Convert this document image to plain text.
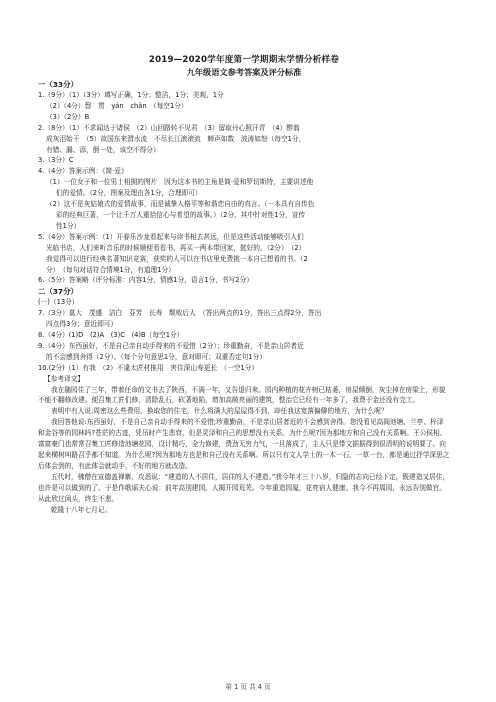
2019—2020学年度第一学期期末学情分析样卷
九年级语文参考答案及评分标准
一（33分）
1.（9分）（1）（3分）填写正确，1分；整洁，1分；美观，1分
（2）（4分）磬　贯　yán　chǎn　（每空1分）
（3）（2分）B
2.（8分）（1）不求闻达于诸侯　（2）山回路转不见君　（3）留取丹心照汗青　（4）醉翁
成灰泪始干　（5）故国东来渭水流　不尽长江滚滚流　蝉声如数　波涛如怒（每空1分，
有错、漏、添，倒一处，该空不得分）
3.（3分）C
4.（4分）答案示例：《简·爱》
（1）一位女子和一位男士相拥的图片　因为这本书的主角是简·爱和罗切斯特，主要讲述他
们的爱情。（2分，图案及理由各1分，合理即可）
（2）这不是灰姑娘式的爱情故事，而是诚挚人格平等和谐恋自由的真言。（一本具有自传色
彩的经典巨著，一个让千万人重拾信心与希望的故事。）（2分，其中针对性1分，宣传
性1分）
5.（4分）答案示例：（1）开春乐沙龙看起来与读书相去甚远，但是这些活动能够吸引人们
光临书店，人们来听音乐的时候顺便看看书，再买一两本带回家，挺好的。（2分）　（2）
我觉得可以进行经典名著知识竞赛，获奖的人可以在书店里免费挑一本自己想看的书。（2
分）　（每句对话符合情境1分，有道理1分）
6.（5分）答案略（评分标准：内容1分，情感1分，语言1分，书写2分）
二（37分）
(一)（13分）
7.（3分）莫大　茂盛　洁白　芬芳　长寿　颓败后人　（答出两点的1分，答出三点得2分，答出
四点得3分；意近即可）
8.（4分）(1)D　(2)A　(3)C　(4)B（每空1分）
9.（4分）东西虽好，不是自己亲自动手得来的不爱惜（2分）；珍重勤奋，不是亲山居者近
的不会感到舍得（2分）。（每个分句意思1分，意对即可；双重否定句1分）
10.(2分)（1）有我　（2）不違太匠材推用　害住深山寿更长　（一空1分）
【参考译文】
我在随园住了三年，带着任命的文书去了陕西，不满一年，又告退归来。园内种植的花卉树已枯萎，房屋倾倒，灰尘掉在房梁上，形貌不能不翻修改建。便召集工匠们修，清除乱石，砍著地陷，增加高敞亮丽的建筑，整治它已经有一年多了，我费于金还没有完工。
表明中有人说:周密这么些费用，换取您的住宅，什么将满大的屋屋得不到，却任我这宽落偏僻的地方，为什么呢？
我回答他说:东西虽好，不是自己亲自动手得来的不爱惜;珍重勤奋，不是亲山居者近的不会感到舍得。您没看见高阁池塘、兰亭、梓泽和金谷等的园林吗?苍茫的古迹，凭吊时产生悲衰，但是灵泽和自己的思想没有关系。为什么呢?因为那地方和自己没有关系啊。王公侯相、富富豪门也常常召集工匠修造池塘花园，设计精巧，全力修建，费劲无穷力气，一旦落成了，主人只是带文据据得到很清明的说明要了。向起来横树叫路召乎都不知道。为什么呢?因为那地方也是和自己没有关系啊。所以只有文人学士的一木一石，一草一台，都是通过抒学深思之后体会到的，有此体会就动手，不好的地方就改造。
五代时，佛僧在宣德盖禅寨，攻悉说：“建造的人不居住，居住的人不建造。”我今年才三十八岁，归隐的志向已经下定，既建造又居住，也许是可以做到的了。于是作歌谣夫心说：前年高别建园，人揭开园荒芜。今年重造园厦，花亮宿人健康。我今不再周园，永远告别做官。从此欣过闲头，终生不悲。
乾隆十八年七月记。
第 1 页 共 4 页
